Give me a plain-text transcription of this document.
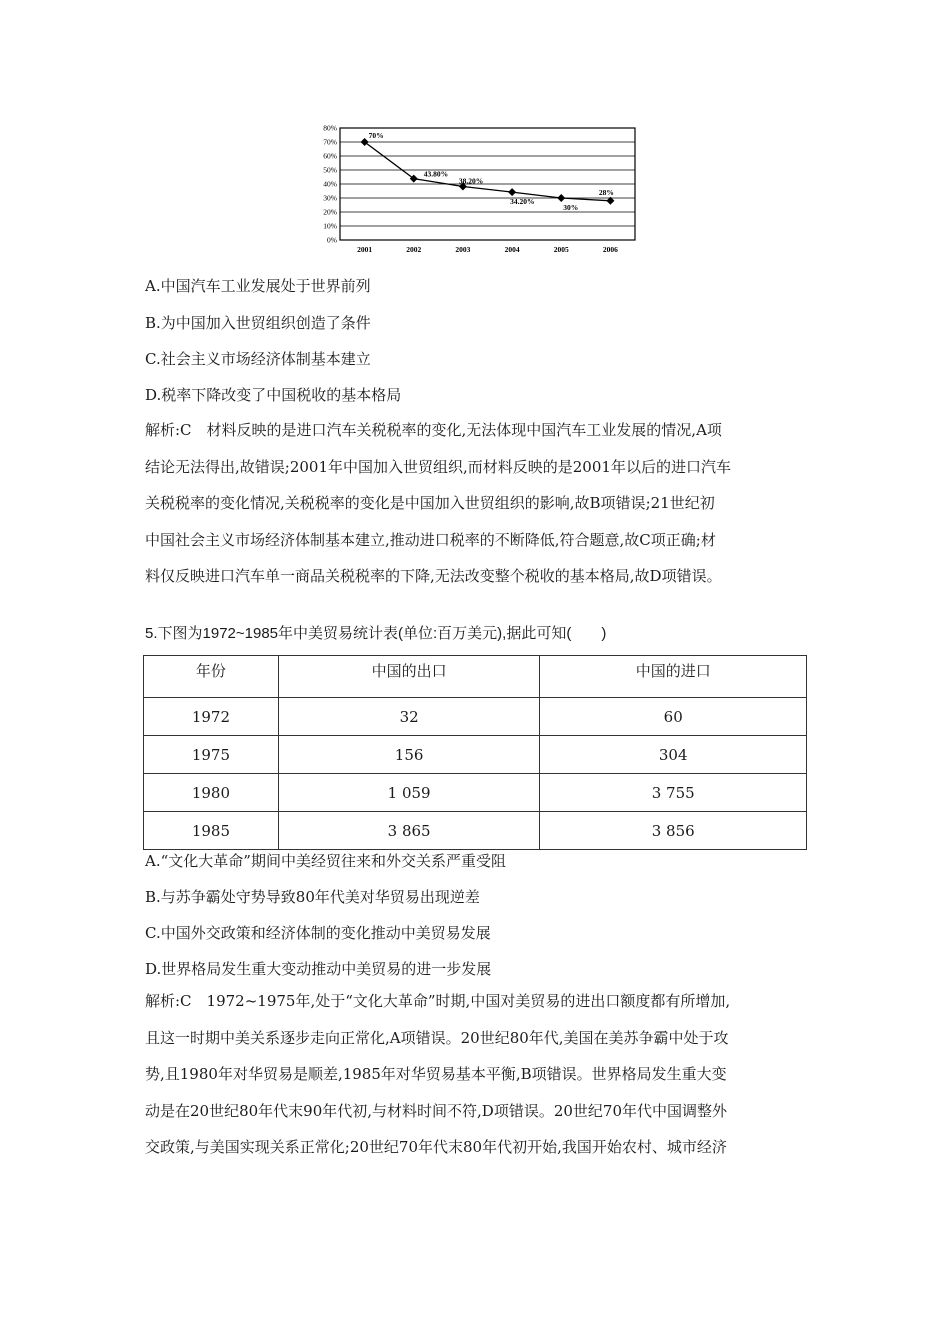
0%
10%
20%
30%
40%
50%
60%
70%
80%
2001	2002	2003	2004	2005	2006
70%
43.80%
38.20%
34.20%
30%
28%
A.中国汽车工业发展处于世界前列
B.为中国加入世贸组织创造了条件
C.社会主义市场经济体制基本建立
D.税率下降改变了中国税收的基本格局
解析:C　材料反映的是进口汽车关税税率的变化,无法体现中国汽车工业发展的情况,A项
结论无法得出,故错误;2001年中国加入世贸组织,而材料反映的是2001年以后的进口汽车
关税税率的变化情况,关税税率的变化是中国加入世贸组织的影响,故B项错误;21世纪初
中国社会主义市场经济体制基本建立,推动进口税率的不断降低,符合题意,故C项正确;材
料仅反映进口汽车单一商品关税税率的下降,无法改变整个税收的基本格局,故D项错误。
5.下图为1972~1985年中美贸易统计表(单位:百万美元),据此可知(　　)
年份	中国的出口	中国的进口
1972	32	60
1975	156	304
1980	1 059	3 755
1985	3 865	3 856
A.“文化大革命”期间中美经贸往来和外交关系严重受阻
B.与苏争霸处守势导致80年代美对华贸易出现逆差
C.中国外交政策和经济体制的变化推动中美贸易发展
D.世界格局发生重大变动推动中美贸易的进一步发展
解析:C　1972~1975年,处于“文化大革命”时期,中国对美贸易的进出口额度都有所增加,
且这一时期中美关系逐步走向正常化,A项错误。20世纪80年代,美国在美苏争霸中处于攻
势,且1980年对华贸易是顺差,1985年对华贸易基本平衡,B项错误。世界格局发生重大变
动是在20世纪80年代末90年代初,与材料时间不符,D项错误。20世纪70年代中国调整外
交政策,与美国实现关系正常化;20世纪70年代末80年代初开始,我国开始农村、城市经济
